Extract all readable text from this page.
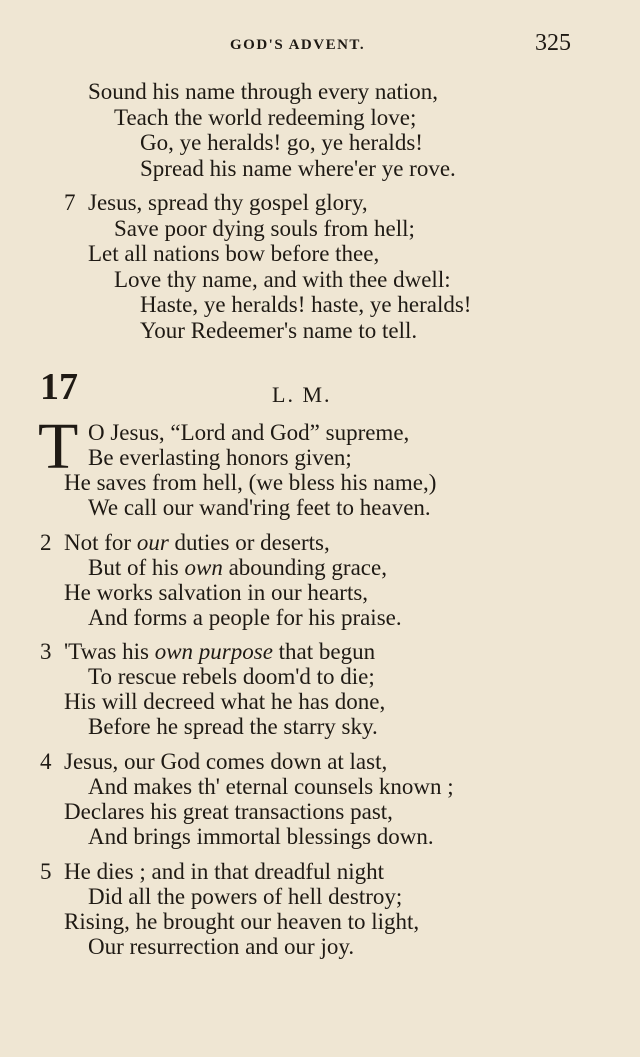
GOD'S ADVENT.	325
Sound his name through every nation,
Teach the world redeeming love;
Go, ye heralds! go, ye heralds!
Spread his name where'er ye rove.
7 Jesus, spread thy gospel glory,
Save poor dying souls from hell;
Let all nations bow before thee,
Love thy name, and with thee dwell:
Haste, ye heralds! haste, ye heralds!
Your Redeemer's name to tell.
17	L. M.
T O Jesus, “Lord and God” supreme,
Be everlasting honors given;
He saves from hell, (we bless his name,)
We call our wand'ring feet to heaven.
2 Not for our duties or deserts,
But of his own abounding grace,
He works salvation in our hearts,
And forms a people for his praise.
3 'Twas his own purpose that begun
To rescue rebels doom'd to die;
His will decreed what he has done,
Before he spread the starry sky.
4 Jesus, our God comes down at last,
And makes th' eternal counsels known ;
Declares his great transactions past,
And brings immortal blessings down.
5 He dies ; and in that dreadful night
Did all the powers of hell destroy;
Rising, he brought our heaven to light,
Our resurrection and our joy.
